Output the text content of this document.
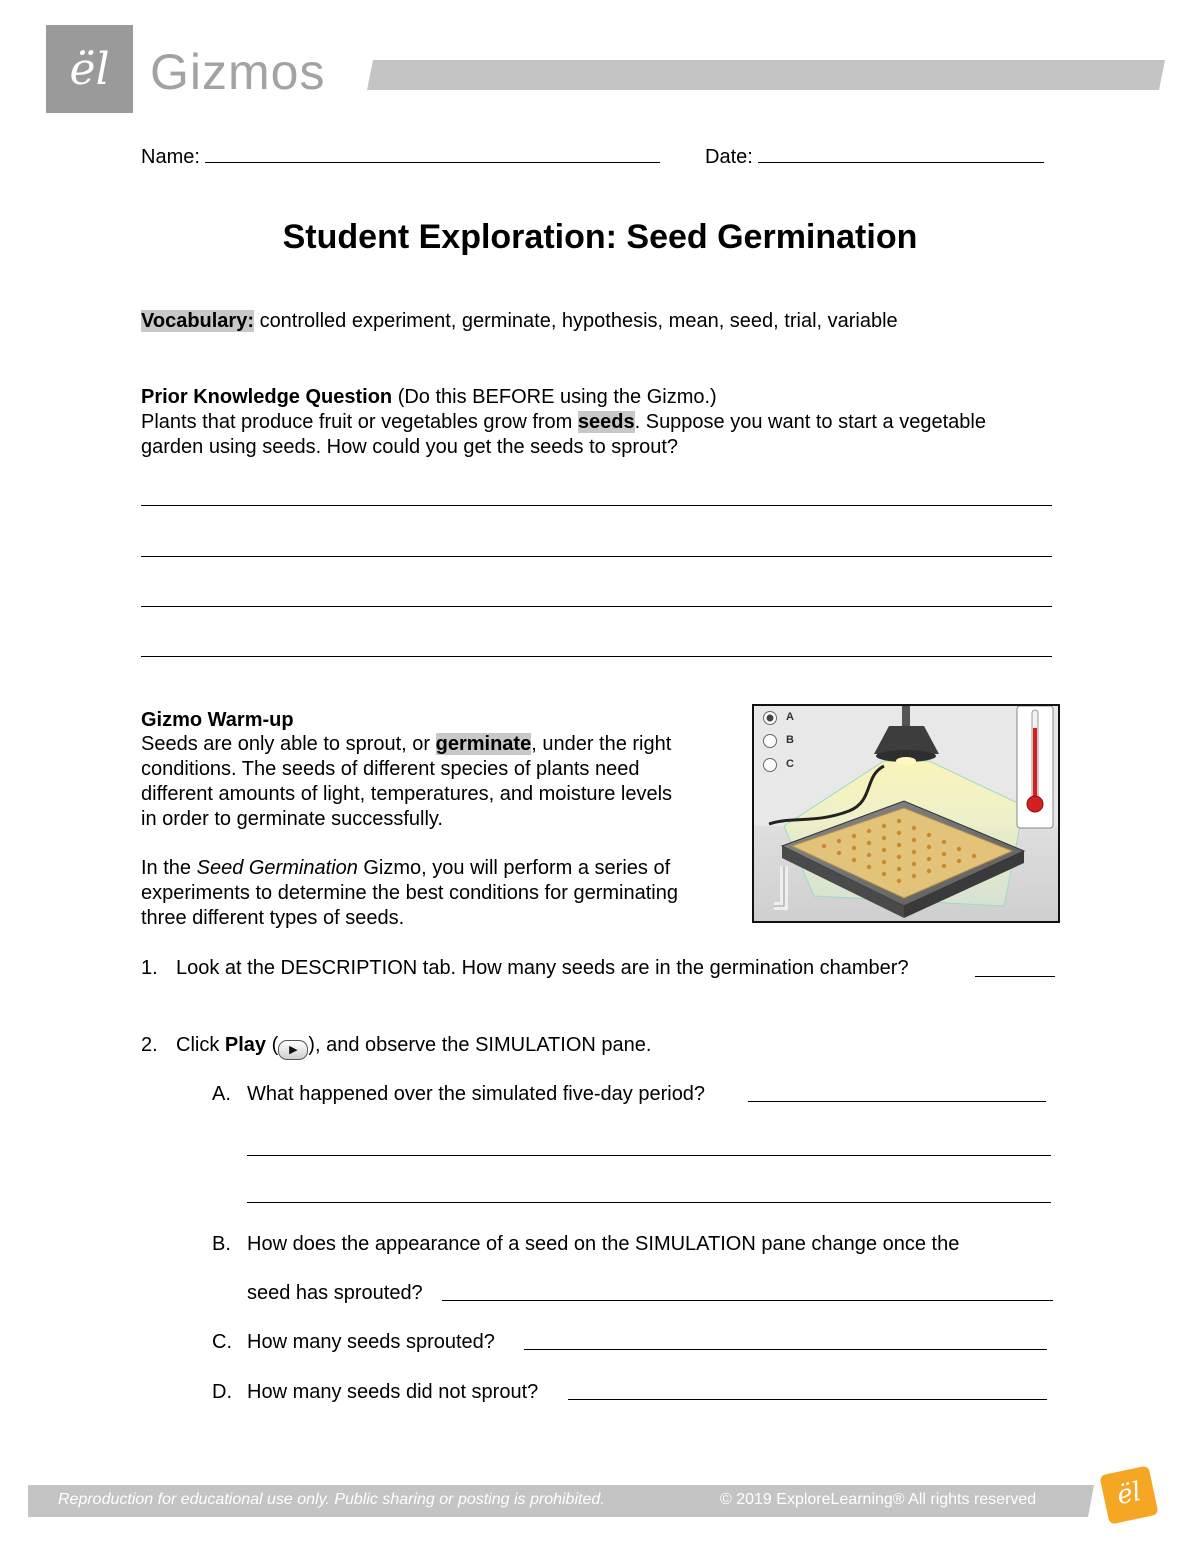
ël Gizmos
Name:	Date:
Student Exploration: Seed Germination
Vocabulary: controlled experiment, germinate, hypothesis, mean, seed, trial, variable
Prior Knowledge Question (Do this BEFORE using the Gizmo.)
Plants that produce fruit or vegetables grow from seeds. Suppose you want to start a vegetable
garden using seeds. How could you get the seeds to sprout?
Gizmo Warm-up
Seeds are only able to sprout, or germinate, under the right
conditions. The seeds of different species of plants need
different amounts of light, temperatures, and moisture levels
in order to germinate successfully.
In the Seed Germination Gizmo, you will perform a series of
experiments to determine the best conditions for germinating
three different types of seeds.
A
B
C
1. Look at the DESCRIPTION tab. How many seeds are in the germination chamber?
2. Click Play ( ▶ ), and observe the SIMULATION pane.
A. What happened over the simulated five-day period?
B. How does the appearance of a seed on the SIMULATION pane change once the
seed has sprouted?
C. How many seeds sprouted?
D. How many seeds did not sprout?
Reproduction for educational use only. Public sharing or posting is prohibited.	© 2019 ExploreLearning® All rights reserved	ël
